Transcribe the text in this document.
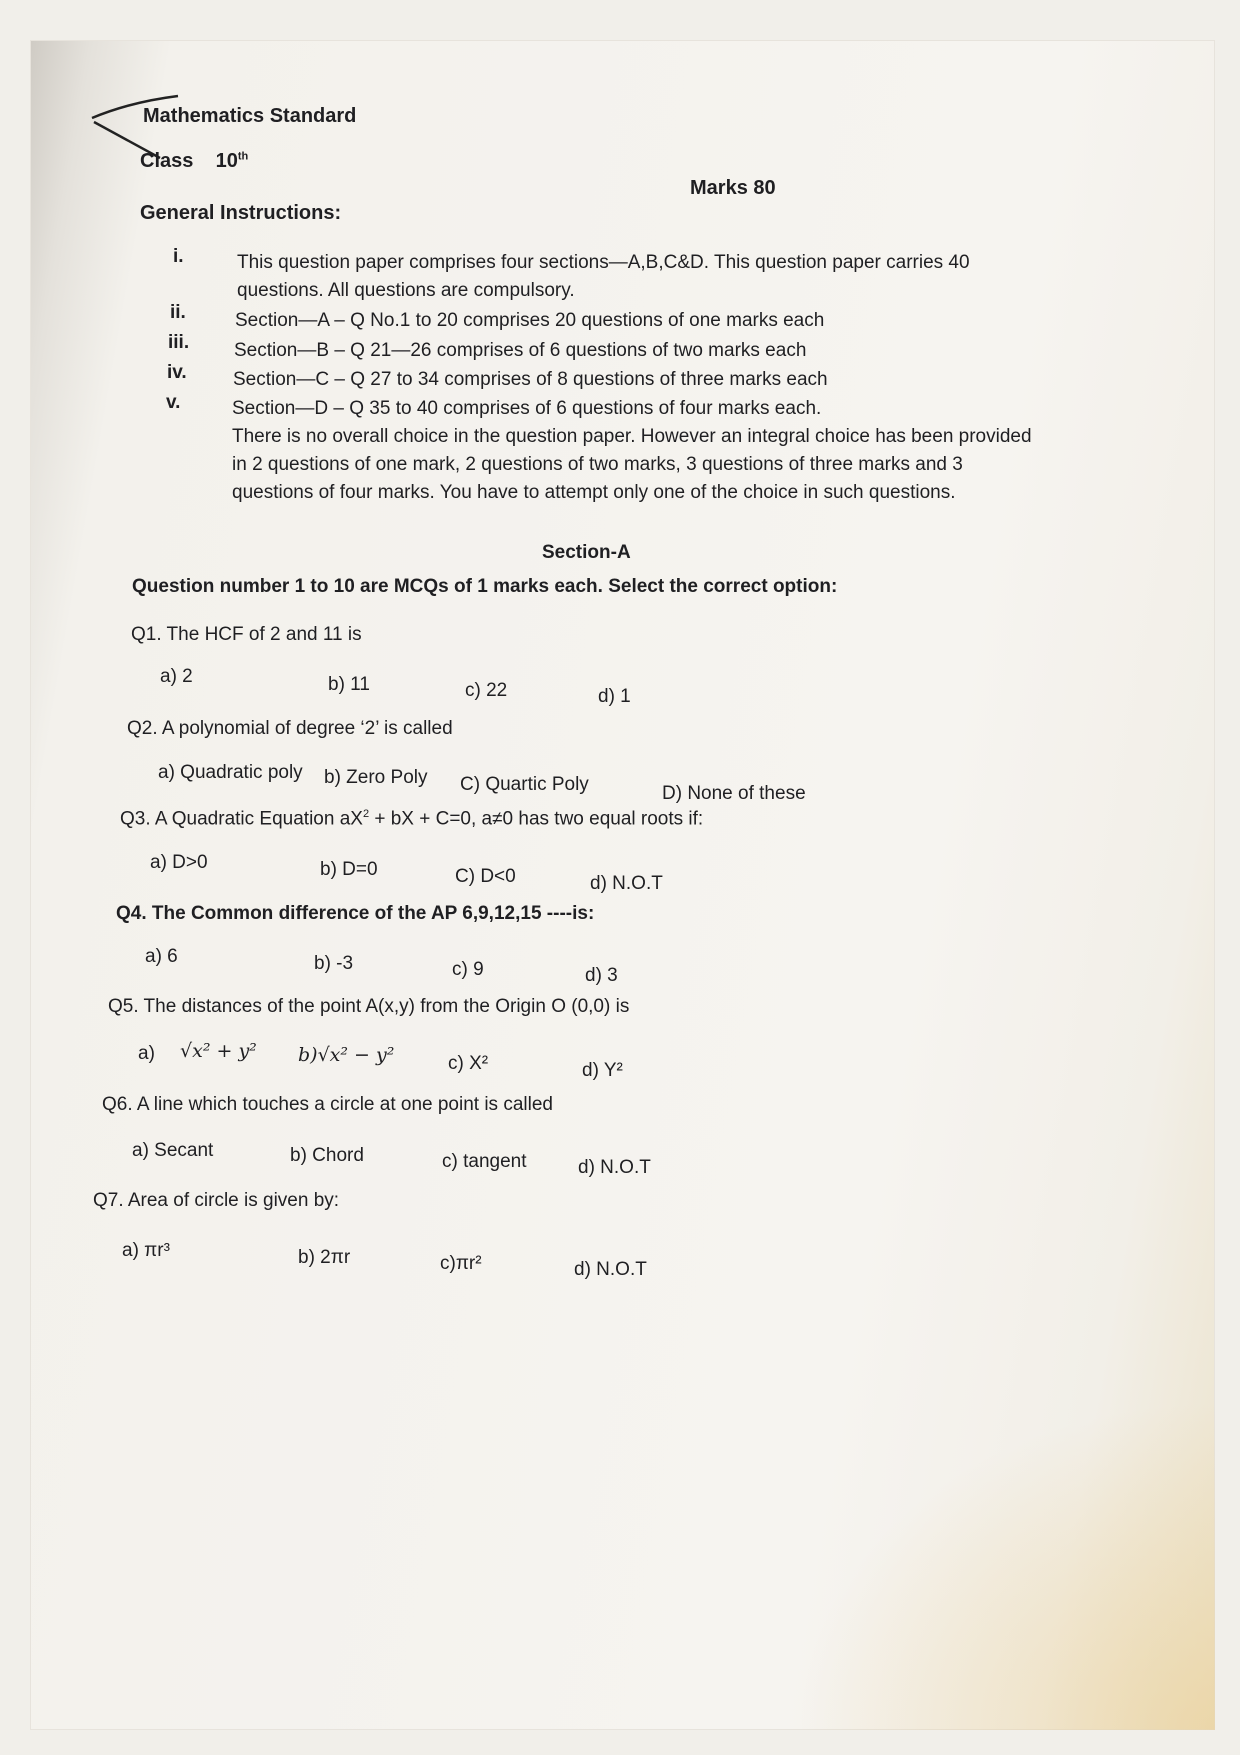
Mathematics Standard
Class 10th
Marks 80
General Instructions:
i.	This question paper comprises four sections—A,B,C&D. This question paper carries 40
questions. All questions are compulsory.
ii.	Section—A – Q No.1 to 20 comprises 20 questions of one marks each
iii. Section—B – Q 21—26 comprises of 6 questions of two marks each
iv. Section—C – Q 27 to 34 comprises of 8 questions of three marks each
v.	Section—D – Q 35 to 40 comprises of 6 questions of four marks each.
There is no overall choice in the question paper. However an integral choice has been provided
in 2 questions of one mark, 2 questions of two marks, 3 questions of three marks and 3
questions of four marks. You have to attempt only one of the choice in such questions.
Section-A
Question number 1 to 10 are MCQs of 1 marks each. Select the correct option:
Q1. The HCF of 2 and 11 is
a) 2	b) 11	c) 22	d) 1
Q2. A polynomial of degree ‘2’ is called
a) Quadratic poly b) Zero Poly C) Quartic Poly	D) None of these
Q3. A Quadratic Equation $aX^2$ + bX + C=0, a≠0 has two equal roots if:
a) D>0	b) D=0	C) D<0	d) N.O.T
Q4. The Common difference of the AP 6,9,12,15 ----is:
a) 6	b) -3	c) 9	d) 3
Q5. The distances of the point A(x,y) from the Origin O (0,0) is
a) √x² + y² b)√x² − y²	c) X²	d) Y²
Q6. A line which touches a circle at one point is called
a) Secant	b) Chord	c) tangent	d) N.O.T
Q7. Area of circle is given by:
a) πr³	b) 2πr	c)πr²	d) N.O.T
